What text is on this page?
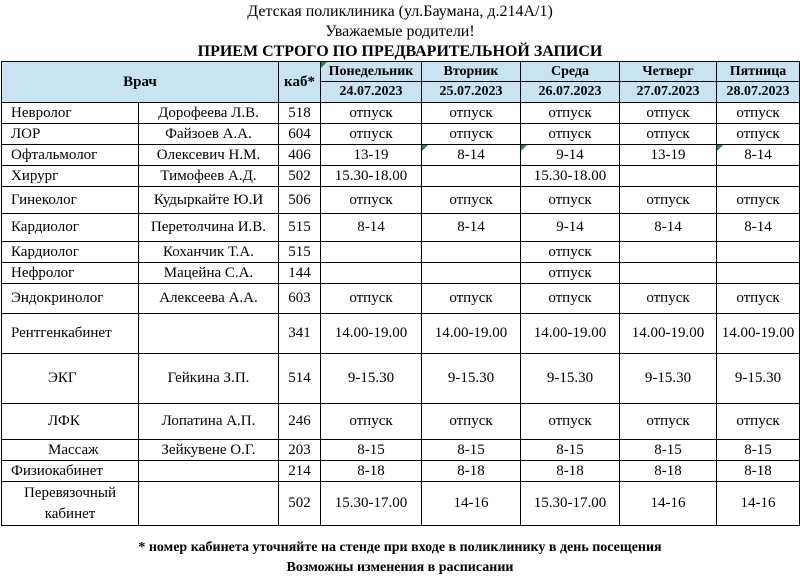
Детская поликлиника (ул.Баумана, д.214А/1)
Уважаемые родители!
ПРИЕМ СТРОГО ПО ПРЕДВАРИТЕЛЬНОЙ ЗАПИСИ
Врач		каб*	Понедельник	Вторник	Среда	Четверг	Пятница
			24.07.2023	25.07.2023	26.07.2023	27.07.2023	28.07.2023
Невролог	Дорофеева Л.В.	518	отпуск	отпуск	отпуск	отпуск	отпуск
ЛОР	Файзоев А.А.	604	отпуск	отпуск	отпуск	отпуск	отпуск
Офтальмолог	Олексевич Н.М.	406	13-19	8-14	9-14	13-19	8-14
Хирург	Тимофеев А.Д.	502	15.30-18.00		15.30-18.00		
Гинеколог	Кудыркайте Ю.И	506	отпуск	отпуск	отпуск	отпуск	отпуск
Кардиолог	Перетолчина И.В.	515	8-14	8-14	9-14	8-14	8-14
Кардиолог	Коханчик Т.А.	515			отпуск		
Нефролог	Мацейна С.А.	144			отпуск		
Эндокринолог	Алексеева А.А.	603	отпуск	отпуск	отпуск	отпуск	отпуск
Рентгенкабинет		341	14.00-19.00	14.00-19.00	14.00-19.00	14.00-19.00	14.00-19.00
ЭКГ	Гейкина З.П.	514	9-15.30	9-15.30	9-15.30	9-15.30	9-15.30
ЛФК	Лопатина А.П.	246	отпуск	отпуск	отпуск	отпуск	отпуск
Массаж	Зейкувене О.Г.	203	8-15	8-15	8-15	8-15	8-15
Физиокабинет		214	8-18	8-18	8-18	8-18	8-18

Перевязочный
кабинет		502	15.30-17.00	14-16	15.30-17.00	14-16	14-16
* номер кабинета уточняйте на стенде при входе в поликлинику в день посещения
Возможны изменения в расписании
